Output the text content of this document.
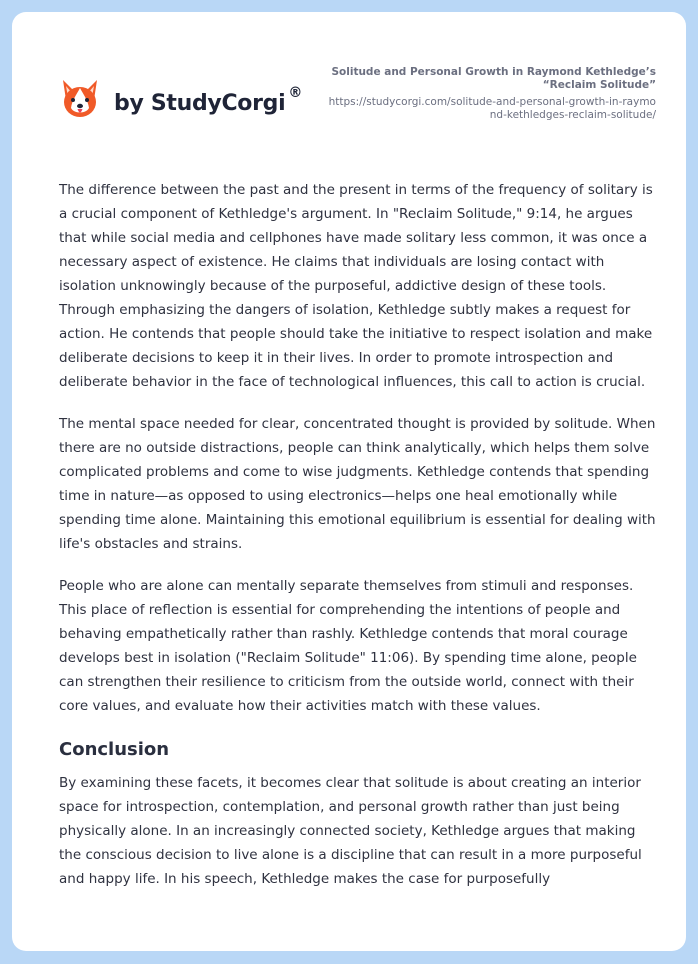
by StudyCorgi ®
Solitude and Personal Growth in Raymond Kethledge’s “Reclaim Solitude”
https://studycorgi.com/solitude-and-personal-growth-in-raymond-kethledges-reclaim-solitude/

The difference between the past and the present in terms of the frequency of solitary is a crucial component of Kethledge's argument. In "Reclaim Solitude," 9:14, he argues that while social media and cellphones have made solitary less common, it was once a necessary aspect of existence. He claims that individuals are losing contact with isolation unknowingly because of the purposeful, addictive design of these tools. Through emphasizing the dangers of isolation, Kethledge subtly makes a request for action. He contends that people should take the initiative to respect isolation and make deliberate decisions to keep it in their lives. In order to promote introspection and deliberate behavior in the face of technological influences, this call to action is crucial.

The mental space needed for clear, concentrated thought is provided by solitude. When there are no outside distractions, people can think analytically, which helps them solve complicated problems and come to wise judgments. Kethledge contends that spending time in nature—as opposed to using electronics—helps one heal emotionally while spending time alone. Maintaining this emotional equilibrium is essential for dealing with life's obstacles and strains.

People who are alone can mentally separate themselves from stimuli and responses. This place of reflection is essential for comprehending the intentions of people and behaving empathetically rather than rashly. Kethledge contends that moral courage develops best in isolation ("Reclaim Solitude" 11:06). By spending time alone, people can strengthen their resilience to criticism from the outside world, connect with their core values, and evaluate how their activities match with these values.

Conclusion

By examining these facets, it becomes clear that solitude is about creating an interior space for introspection, contemplation, and personal growth rather than just being physically alone. In an increasingly connected society, Kethledge argues that making the conscious decision to live alone is a discipline that can result in a more purposeful and happy life. In his speech, Kethledge makes the case for purposefully
